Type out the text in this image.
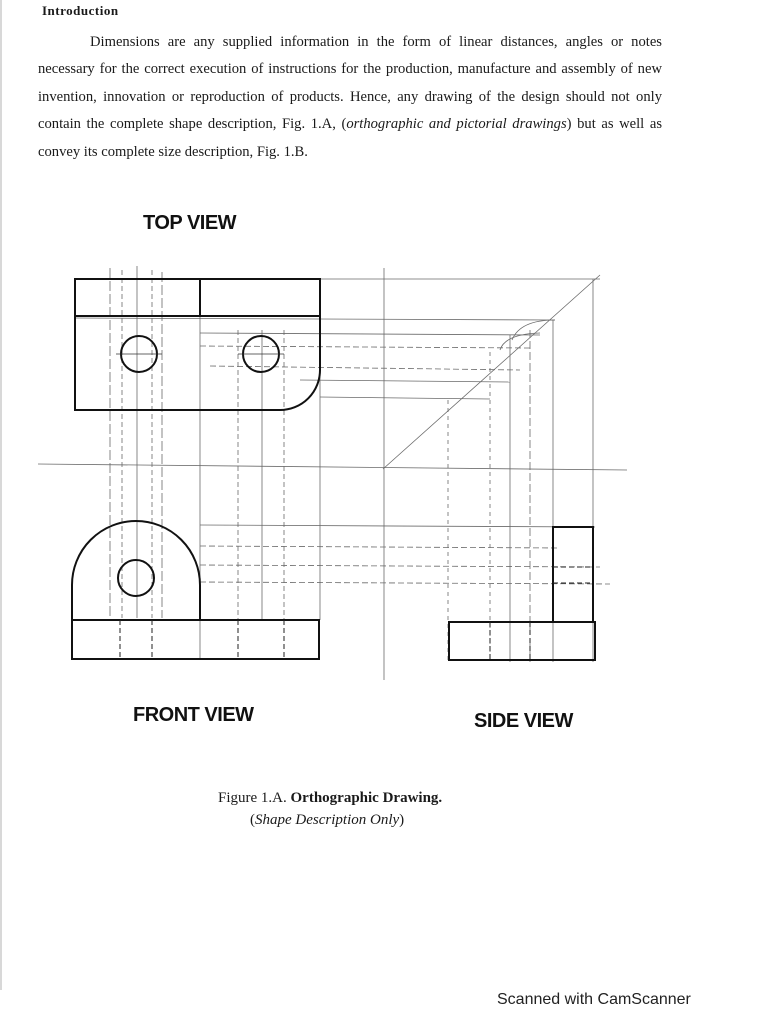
Introduction
Dimensions are any supplied information in the form of linear distances, angles or notes necessary for the correct execution of instructions for the production, manufacture and assembly of new invention, innovation or reproduction of products. Hence, any drawing of the design should not only contain the complete shape description, Fig. 1.A, (orthographic and pictorial drawings) but as well as convey its complete size description, Fig. 1.B.
TOP VIEW
FRONT VIEW	SIDE VIEW
Figure 1.A. Orthographic Drawing.
(Shape Description Only)
Scanned with CamScanner
